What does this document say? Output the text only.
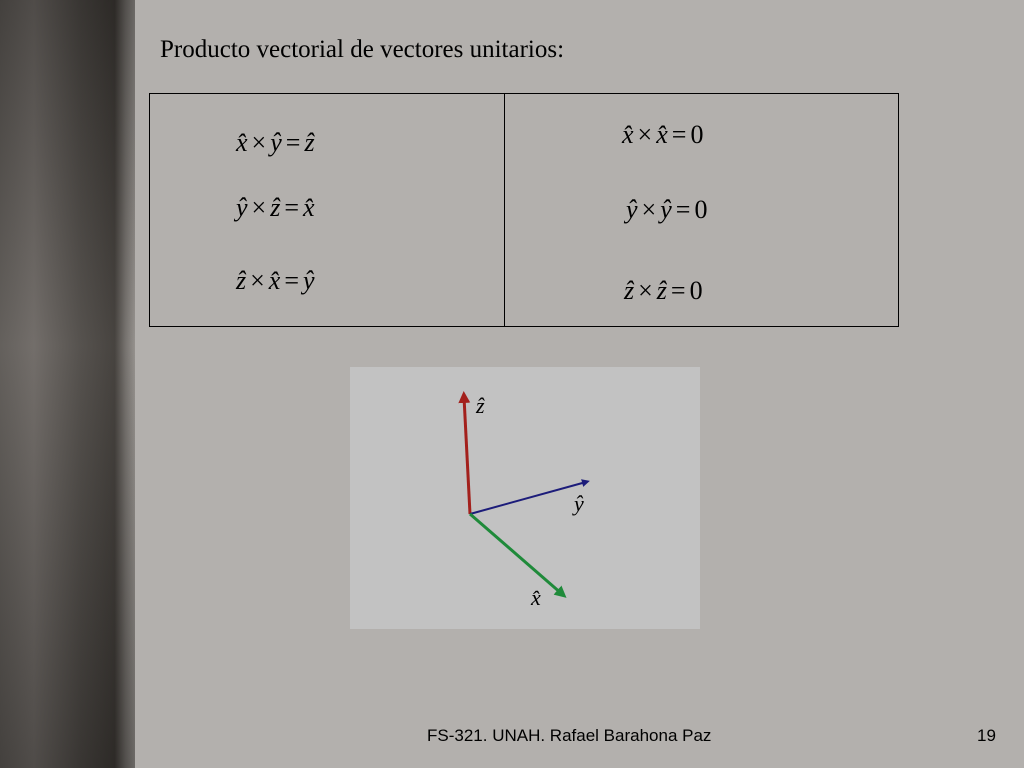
Producto vectorial de vectores unitarios:
x̂ × ŷ = ẑ
ŷ × ẑ = x̂
ẑ × x̂ = ŷ
x̂ × x̂ = 0
ŷ × ŷ = 0
ẑ × ẑ = 0
ẑ
ŷ
x̂
FS-321. UNAH. Rafael Barahona Paz	19
